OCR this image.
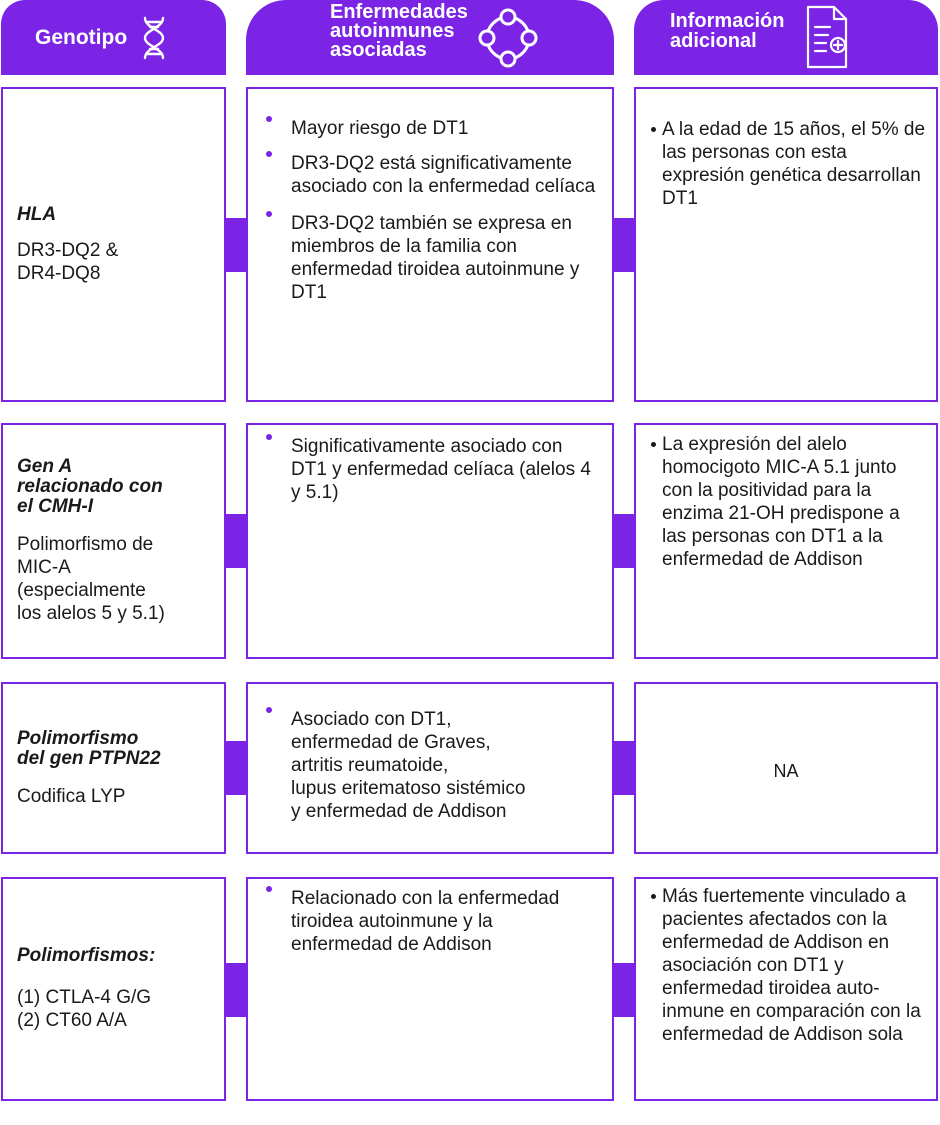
Genotipo
Enfermedades
autoinmunes
asociadas
Información
adicional
HLA
DR3-DQ2 &
DR4-DQ8
Mayor riesgo de DT1
DR3-DQ2 está significativamente asociado con la enfermedad celíaca
DR3-DQ2 también se expresa en miembros de la familia con enfermedad tiroidea autoinmune y DT1
A la edad de 15 años, el 5% de las personas con esta expresión genética desarrollan DT1
Gen A
relacionado con
el CMH-I
Polimorfismo de
MIC-A
(especialmente
los alelos 5 y 5.1)
Significativamente asociado con DT1 y enfermedad celíaca (alelos 4 y 5.1)
La expresión del alelo homocigoto MIC-A 5.1 junto con la positividad para la enzima 21-OH predispone a las personas con DT1 a la enfermedad de Addison
Polimorfismo
del gen PTPN22
Codifica LYP
Asociado con DT1,
enfermedad de Graves,
artritis reumatoide,
lupus eritematoso sistémico
y enfermedad de Addison
NA
Polimorfismos:
(1) CTLA-4 G/G
(2) CT60 A/A
Relacionado con la enfermedad tiroidea autoinmune y la enfermedad de Addison
Más fuertemente vinculado a pacientes afectados con la enfermedad de Addison en asociación con DT1 y enfermedad tiroidea auto-inmune en comparación con la enfermedad de Addison sola
